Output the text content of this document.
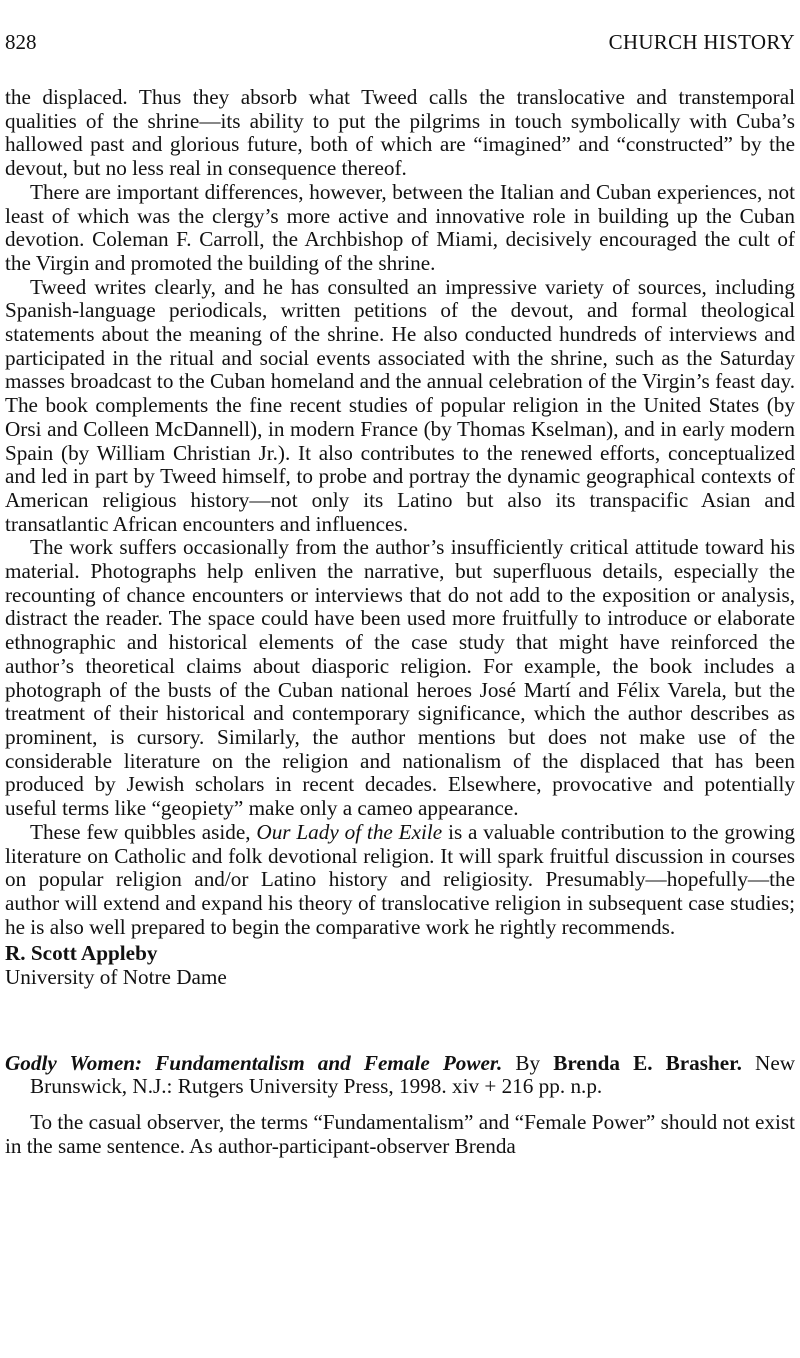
828	CHURCH HISTORY

the displaced. Thus they absorb what Tweed calls the translocative and transtemporal qualities of the shrine—its ability to put the pilgrims in touch symbolically with Cuba’s hallowed past and glorious future, both of which are “imagined” and “constructed” by the devout, but no less real in consequence thereof.

There are important differences, however, between the Italian and Cuban experiences, not least of which was the clergy’s more active and innovative role in building up the Cuban devotion. Coleman F. Carroll, the Archbishop of Miami, decisively encouraged the cult of the Virgin and promoted the building of the shrine.

Tweed writes clearly, and he has consulted an impressive variety of sources, including Spanish-language periodicals, written petitions of the devout, and formal theological statements about the meaning of the shrine. He also conducted hundreds of interviews and participated in the ritual and social events associated with the shrine, such as the Saturday masses broadcast to the Cuban homeland and the annual celebration of the Virgin’s feast day. The book complements the fine recent studies of popular religion in the United States (by Orsi and Colleen McDannell), in modern France (by Thomas Kselman), and in early modern Spain (by William Christian Jr.). It also contributes to the renewed efforts, conceptualized and led in part by Tweed himself, to probe and portray the dynamic geographical contexts of American religious history—not only its Latino but also its transpacific Asian and transatlantic African encounters and influences.

The work suffers occasionally from the author’s insufficiently critical attitude toward his material. Photographs help enliven the narrative, but superfluous details, especially the recounting of chance encounters or interviews that do not add to the exposition or analysis, distract the reader. The space could have been used more fruitfully to introduce or elaborate ethnographic and historical elements of the case study that might have reinforced the author’s theoretical claims about diasporic religion. For example, the book includes a photograph of the busts of the Cuban national heroes José Martí and Félix Varela, but the treatment of their historical and contemporary significance, which the author describes as prominent, is cursory. Similarly, the author mentions but does not make use of the considerable literature on the religion and nationalism of the displaced that has been produced by Jewish scholars in recent decades. Elsewhere, provocative and potentially useful terms like “geopiety” make only a cameo appearance.

These few quibbles aside, Our Lady of the Exile is a valuable contribution to the growing literature on Catholic and folk devotional religion. It will spark fruitful discussion in courses on popular religion and/or Latino history and religiosity. Presumably—hopefully—the author will extend and expand his theory of translocative religion in subsequent case studies; he is also well prepared to begin the comparative work he rightly recommends.

R. Scott Appleby

University of Notre Dame

Godly Women: Fundamentalism and Female Power. By Brenda E. Brasher. New Brunswick, N.J.: Rutgers University Press, 1998. xiv + 216 pp. n.p.

To the casual observer, the terms “Fundamentalism” and “Female Power” should not exist in the same sentence. As author-participant-observer Brenda
